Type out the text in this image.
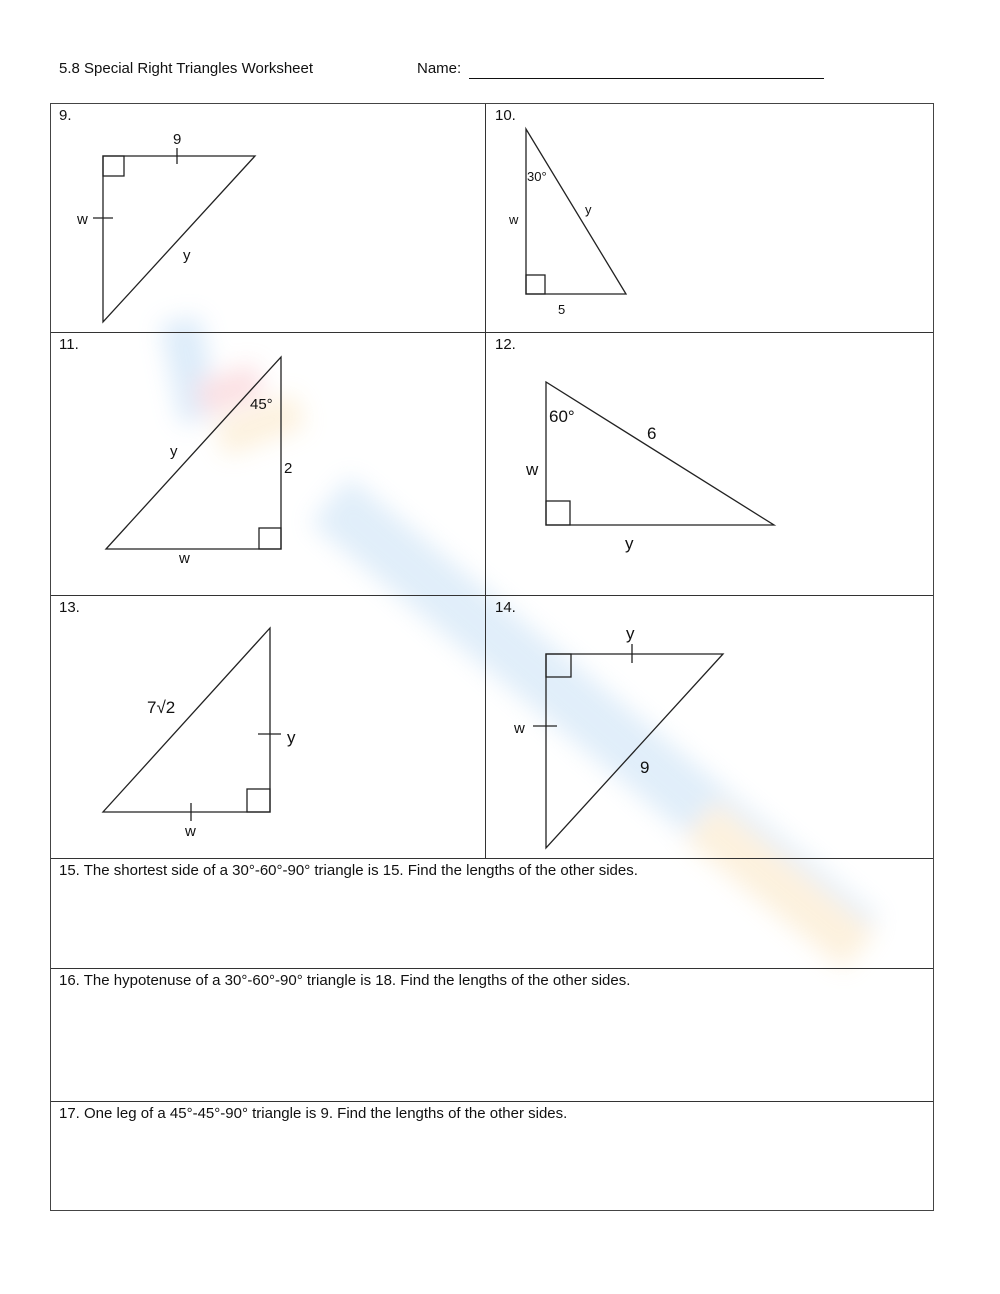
5.8 Special Right Triangles Worksheet	Name:
9.	10.
11.	12.
13.	14.
15. The shortest side of a 30°-60°-90° triangle is 15. Find the lengths of the other sides.
16. The hypotenuse of a 30°-60°-90° triangle is 18. Find the lengths of the other sides.
17. One leg of a 45°-45°-90° triangle is 9. Find the lengths of the other sides.
9
w
y
30°
w
y
5
45°
y
2
w
60°
6
w
y
7√2
y
w
y
w
9
